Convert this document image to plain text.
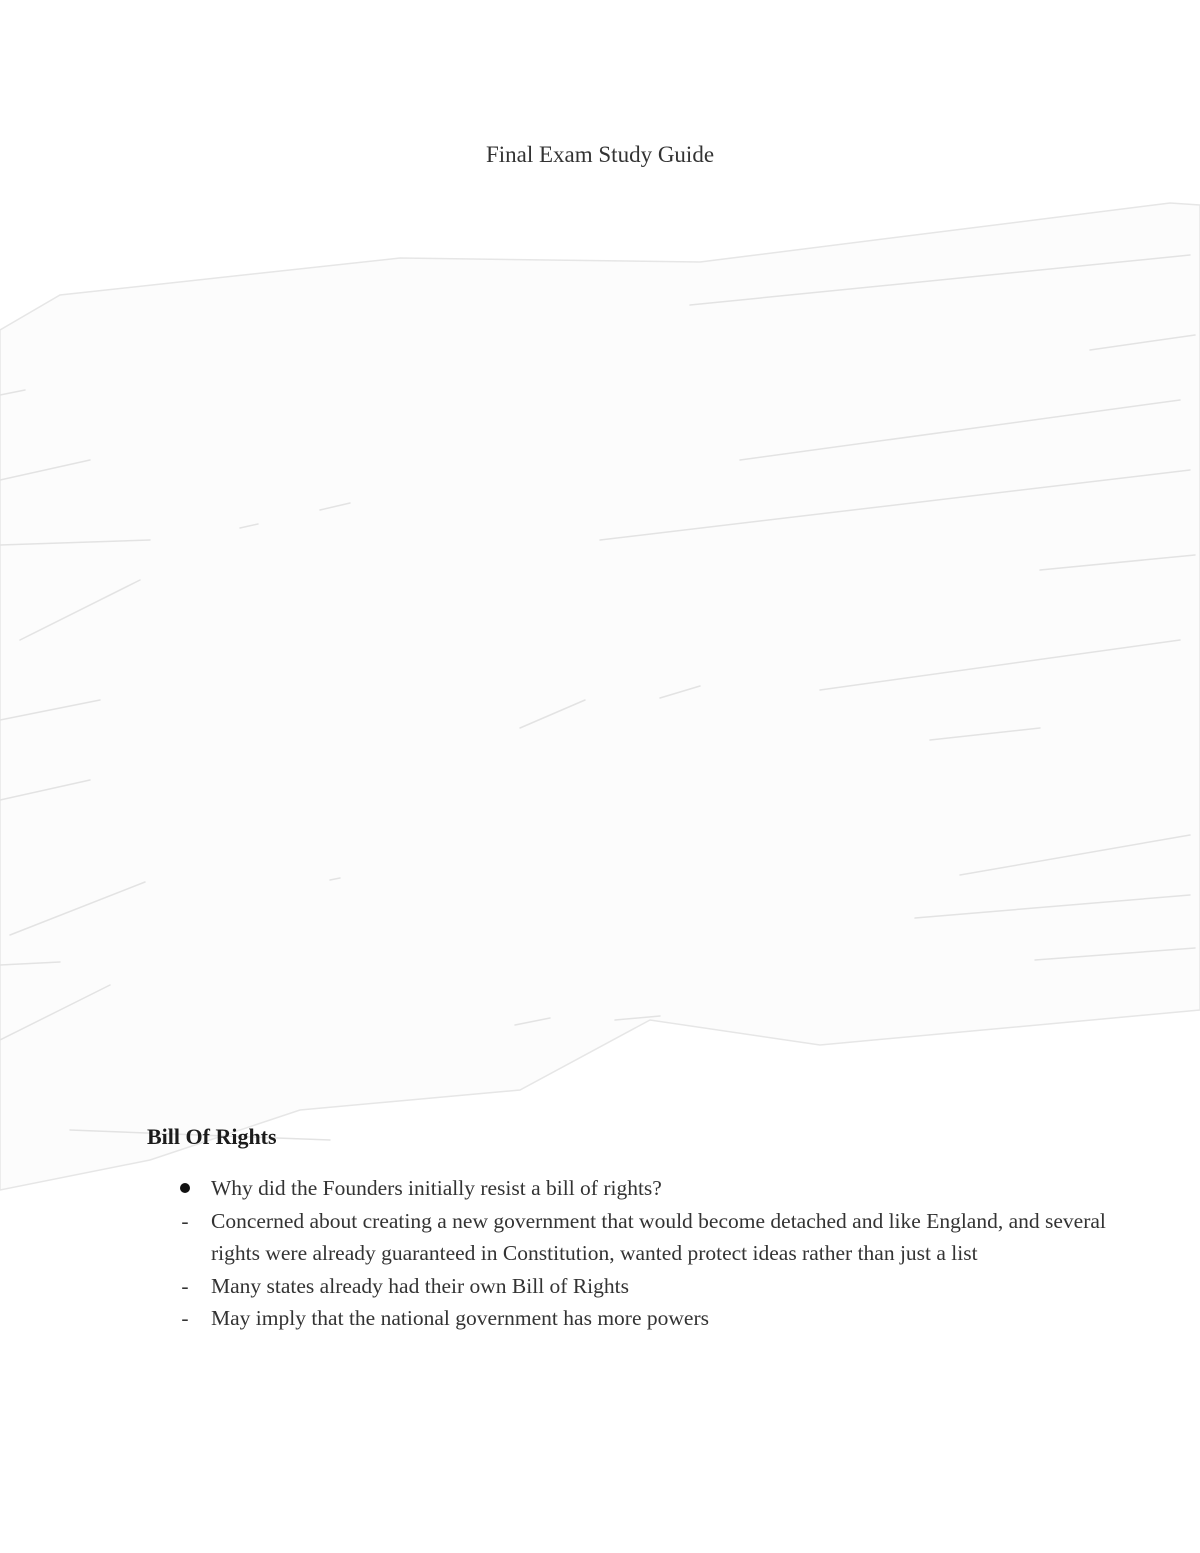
Final Exam Study Guide
Bill Of Rights
Why did the Founders initially resist a bill of rights?
- Concerned about creating a new government that would become detached and like England, and several rights were already guaranteed in Constitution, wanted protect ideas rather than just a list
- Many states already had their own Bill of Rights
- May imply that the national government has more powers
